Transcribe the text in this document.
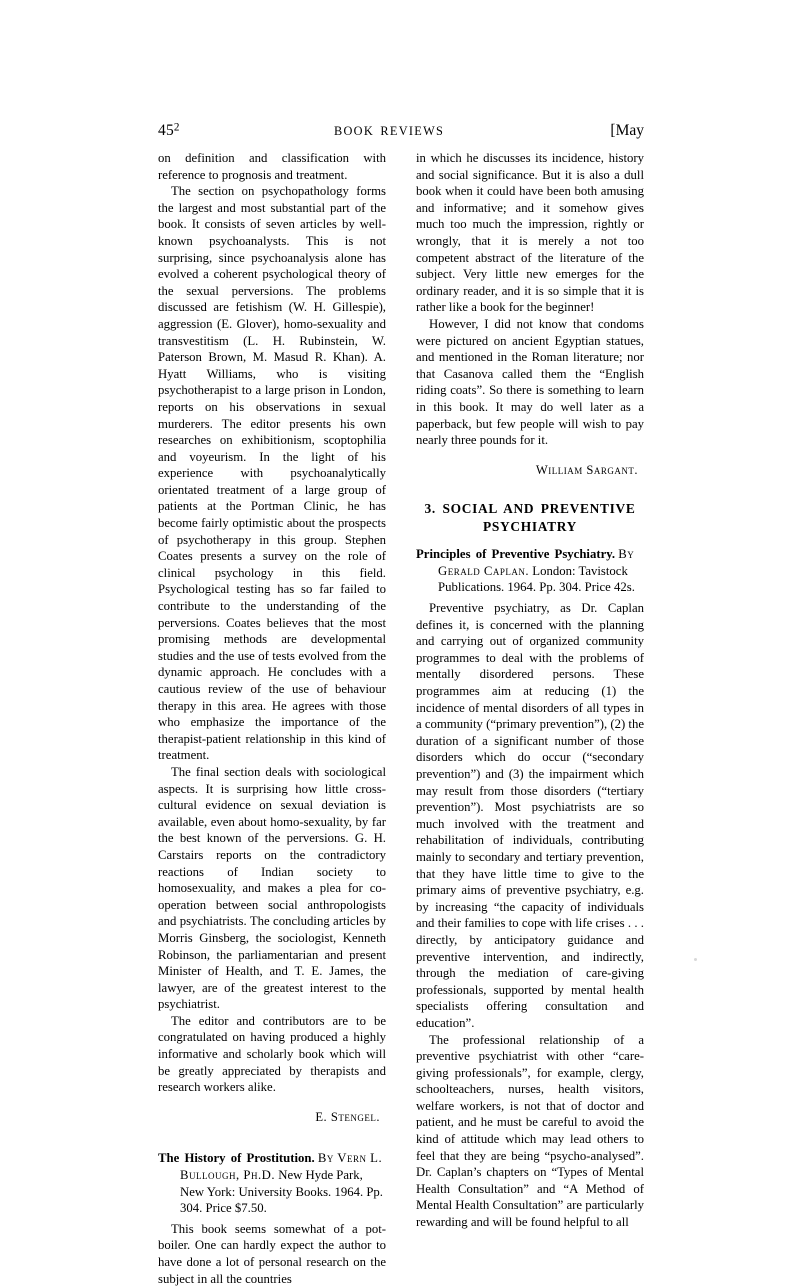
$45^2$	BOOK REVIEWS	[May

on definition and classification with reference to prognosis and treatment.

The section on psychopathology forms the largest and most substantial part of the book. It consists of seven articles by well-known psychoanalysts. This is not surprising, since psychoanalysis alone has evolved a coherent psychological theory of the sexual perversions. The problems discussed are fetishism (W. H. Gillespie), aggression (E. Glover), homo-sexuality and transvestitism (L. H. Rubinstein, W. Paterson Brown, M. Masud R. Khan). A. Hyatt Williams, who is visiting psychotherapist to a large prison in London, reports on his observations in sexual murderers. The editor presents his own researches on exhibitionism, scoptophilia and voyeurism. In the light of his experience with psychoanalytically orientated treatment of a large group of patients at the Portman Clinic, he has become fairly optimistic about the prospects of psychotherapy in this group. Stephen Coates presents a survey on the role of clinical psychology in this field. Psychological testing has so far failed to contribute to the understanding of the perversions. Coates believes that the most promising methods are developmental studies and the use of tests evolved from the dynamic approach. He concludes with a cautious review of the use of behaviour therapy in this area. He agrees with those who emphasize the importance of the therapist-patient relationship in this kind of treatment.

The final section deals with sociological aspects. It is surprising how little cross-cultural evidence on sexual deviation is available, even about homo-sexuality, by far the best known of the perversions. G. H. Carstairs reports on the contradictory reactions of Indian society to homosexuality, and makes a plea for co-operation between social anthropologists and psychiatrists. The concluding articles by Morris Ginsberg, the sociologist, Kenneth Robinson, the parliamentarian and present Minister of Health, and T. E. James, the lawyer, are of the greatest interest to the psychiatrist.

The editor and contributors are to be congratulated on having produced a highly informative and scholarly book which will be greatly appreciated by therapists and research workers alike.

E. Stengel.

The History of Prostitution. By Vern L. Bullough, Ph.D. New Hyde Park, New York: University Books. 1964. Pp. 304. Price $7.50.

This book seems somewhat of a pot-boiler. One can hardly expect the author to have done a lot of personal research on the subject in all the countries

in which he discusses its incidence, history and social significance. But it is also a dull book when it could have been both amusing and informative; and it somehow gives much too much the impression, rightly or wrongly, that it is merely a not too competent abstract of the literature of the subject. Very little new emerges for the ordinary reader, and it is so simple that it is rather like a book for the beginner!

However, I did not know that condoms were pictured on ancient Egyptian statues, and mentioned in the Roman literature; nor that Casanova called them the “English riding coats”. So there is something to learn in this book. It may do well later as a paperback, but few people will wish to pay nearly three pounds for it.

William Sargant.

3. SOCIAL AND PREVENTIVE

PSYCHIATRY

Principles of Preventive Psychiatry. By Gerald Caplan. London: Tavistock Publications. 1964. Pp. 304. Price 42s.

Preventive psychiatry, as Dr. Caplan defines it, is concerned with the planning and carrying out of organized community programmes to deal with the problems of mentally disordered persons. These programmes aim at reducing (1) the incidence of mental disorders of all types in a community (“primary prevention”), (2) the duration of a significant number of those disorders which do occur (“secondary prevention”) and (3) the impairment which may result from those disorders (“tertiary prevention”). Most psychiatrists are so much involved with the treatment and rehabilitation of individuals, contributing mainly to secondary and tertiary prevention, that they have little time to give to the primary aims of preventive psychiatry, e.g. by increasing “the capacity of individuals and their families to cope with life crises . . . directly, by anticipatory guidance and preventive intervention, and indirectly, through the mediation of care-giving professionals, supported by mental health specialists offering consultation and education”.

The professional relationship of a preventive psychiatrist with other “care-giving professionals”, for example, clergy, schoolteachers, nurses, health visitors, welfare workers, is not that of doctor and patient, and he must be careful to avoid the kind of attitude which may lead others to feel that they are being “psycho-analysed”. Dr. Caplan’s chapters on “Types of Mental Health Consultation” and “A Method of Mental Health Consultation” are particularly rewarding and will be found helpful to all
